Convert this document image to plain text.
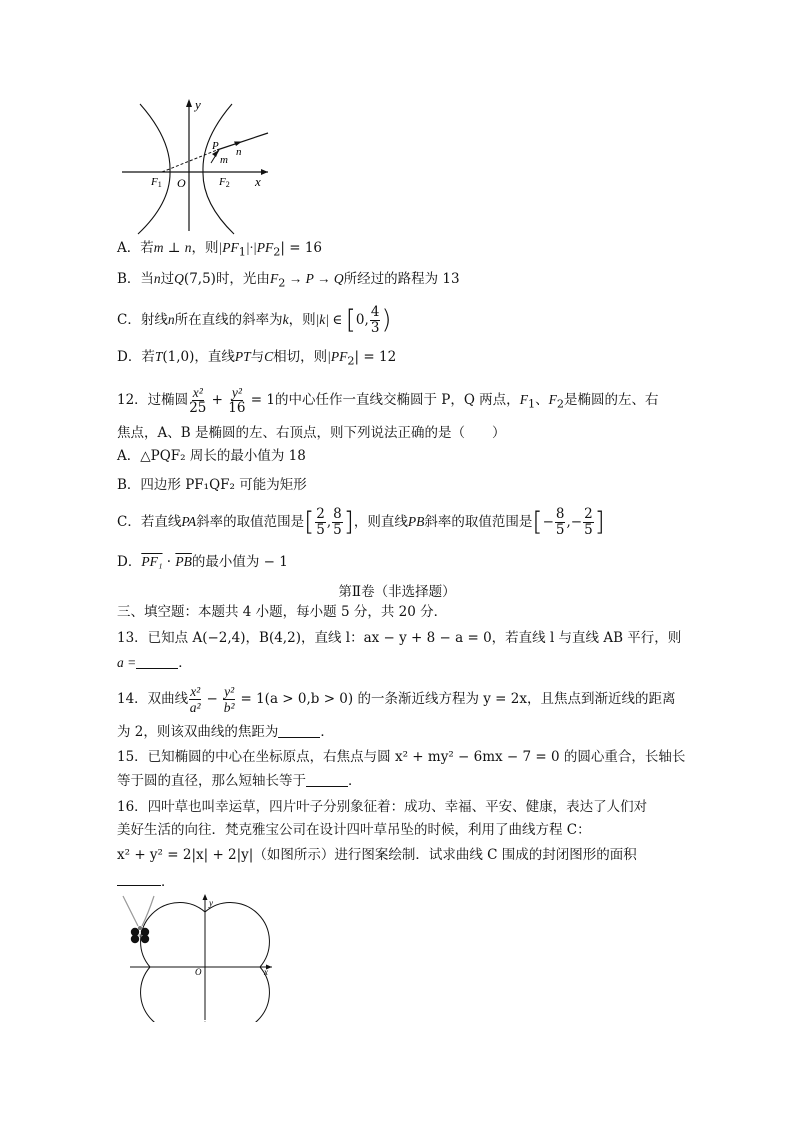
y
x
O
F1	F2
P
m
n
A．若m ⊥ n，则$|PF_1|\cdot|PF_2| = 16$
B．当n过Q(7,5)时，光由$F_2 \to P \to Q$所经过的路程为 13
C．射线n所在直线的斜率为k，则|k| ∈ [0, $\frac{4}{3}$ )
D．若T(1,0)，直线PT与C相切，则$|PF_2| = 12$
12．过椭圆 $\frac{\text{x²}}{25} + \frac{\text{y²}}{16} = 1$的中心任作一直线交椭圆于 P，Q 两点，$F_1$、$F_2$是椭圆的左、右
焦点，A、B 是椭圆的左、右顶点，则下列说法正确的是（　　）
A．△PQF₂ 周长的最小值为 18
B．四边形 PF₁QF₂ 可能为矩形
C．若直线PA斜率的取值范围是[ $\frac{2}{5}$ , $\frac{8}{5}$ ]，则直线PB斜率的取值范围是[− $\frac{8}{5}$ ,− $\frac{2}{5}$ ]
D．$PF_1 \cdot \overline{PB}$的最小值为 − 1
第Ⅱ卷（非选择题）
三、填空题：本题共 4 小题，每小题 5 分，共 20 分．
13．已知点 A(−2,4)，B(4,2)，直线 l：ax − y + 8 − a = 0，若直线 l 与直线 AB 平行，则
a =	．
14．双曲线 $\frac{\text{x²}}{\text{a²}} - \frac{\text{y²}}{\text{b²}} = 1(a > 0,b > 0)$ 的一条渐近线方程为 y = 2x，且焦点到渐近线的距离
为 2，则该双曲线的焦距为	．
15．已知椭圆的中心在坐标原点，右焦点与圆 x² + my² − 6mx − 7 = 0 的圆心重合，长轴长
等于圆的直径，那么短轴长等于	．
16．四叶草也叫幸运草，四片叶子分别象征着：成功、幸福、平安、健康，表达了人们对
美好生活的向往．梵克雅宝公司在设计四叶草吊坠的时候，利用了曲线方程 C：
x² + y² = 2|x| + 2|y|（如图所示）进行图案绘制．试求曲线 C 围成的封闭图形的面积
．
y
x
O
